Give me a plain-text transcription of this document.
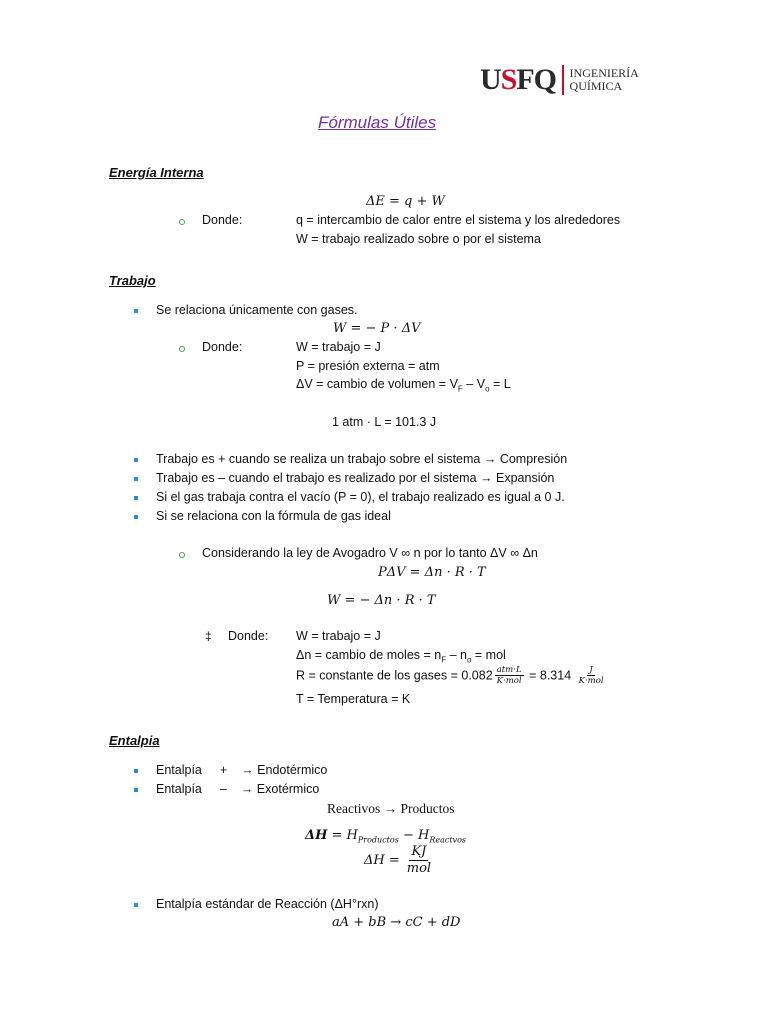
USFQ INGENIERÍA
QUÍMICA
Fórmulas Útiles
Energía Interna
ΔE = q + W
Donde:	q = intercambio de calor entre el sistema y los alrededores
W = trabajo realizado sobre o por el sistema
Trabajo
Se relaciona únicamente con gases.
W = − P · ΔV
Donde:	W = trabajo = J
P = presión externa = atm
ΔV = cambio de volumen = $V_F - V_o = L$
1 atm · L = 101.3 J
Trabajo es + cuando se realiza un trabajo sobre el sistema → Compresión
Trabajo es – cuando el trabajo es realizado por el sistema → Expansión
Si el gas trabaja contra el vacío (P = 0), el trabajo realizado es igual a 0 J.
Si se relaciona con la fórmula de gas ideal
Considerando la ley de Avogadro V ∞ n por lo tanto ΔV ∞ Δn
PΔV = Δn · R · T
W = − Δn · R · T
‡ Donde: W = trabajo = J
Δn = cambio de moles = $n_F - n_o$ = mol
R = constante de los gases = $0.082 \frac{\text{atm·L}}{\text{K·mol}} = 8.314 \frac{J}{\text{K·mol}}$
T = Temperatura = K
Entalpia
Entalpía + → Endotérmico
Entalpía – → Exotérmico
Reactivos → Productos
$\Delta H = H_{Productos} - H_{Reactvos}$
$\Delta H = \frac{KJ}{\text{mol}}$
Entalpía estándar de Reacción (ΔH°rxn)
aA + bB → cC + dD
